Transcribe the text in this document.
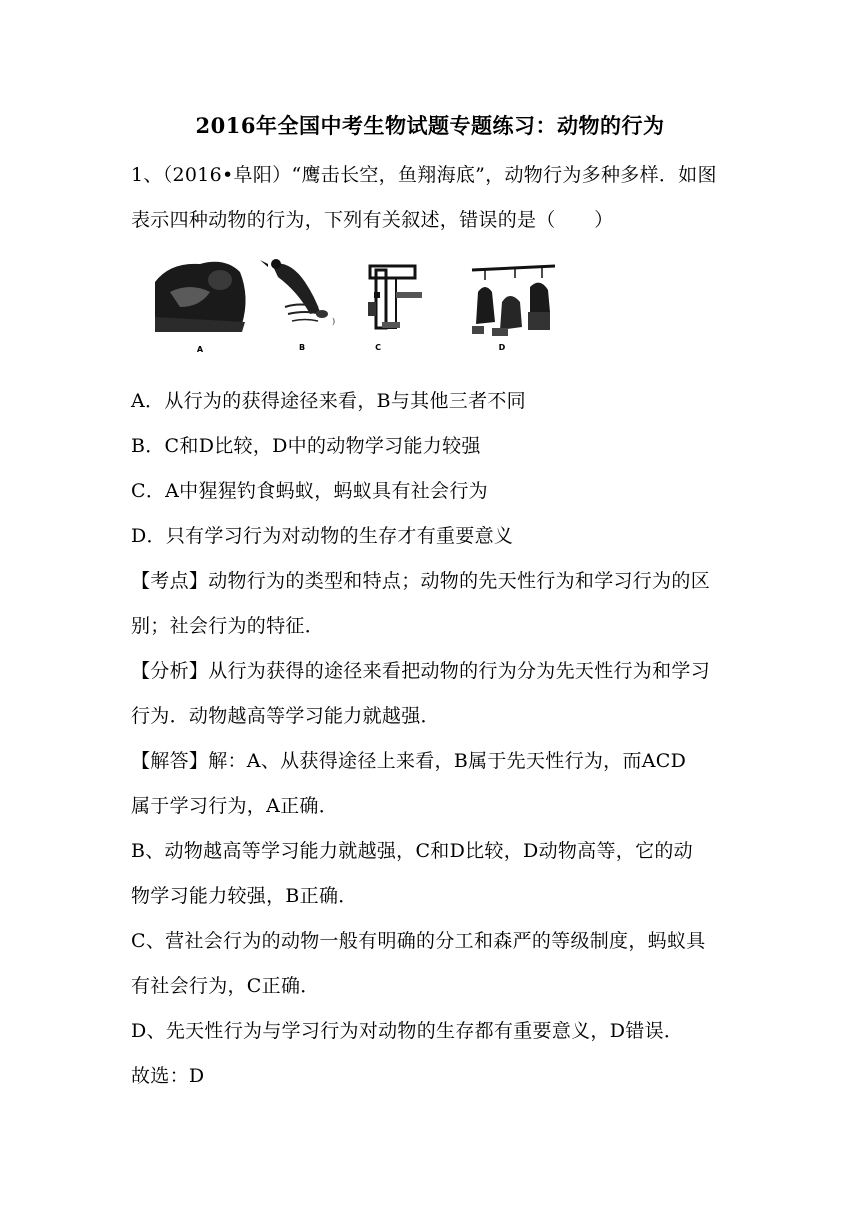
2016年全国中考生物试题专题练习：动物的行为
1、（2016•阜阳）“鹰击长空，鱼翔海底”，动物行为多种多样．如图
表示四种动物的行为，下列有关叙述，错误的是（　　）
A
)
B	C	D
A．从行为的获得途径来看，B与其他三者不同
B．C和D比较，D中的动物学习能力较强
C．A中猩猩钓食蚂蚁，蚂蚁具有社会行为
D．只有学习行为对动物的生存才有重要意义
【考点】动物行为的类型和特点；动物的先天性行为和学习行为的区
别；社会行为的特征．
【分析】从行为获得的途径来看把动物的行为分为先天性行为和学习
行为．动物越高等学习能力就越强．
【解答】解：A、从获得途径上来看，B属于先天性行为，而ACD
属于学习行为，A正确．
B、动物越高等学习能力就越强，C和D比较，D动物高等，它的动
物学习能力较强，B正确．
C、营社会行为的动物一般有明确的分工和森严的等级制度，蚂蚁具
有社会行为，C正确．
D、先天性行为与学习行为对动物的生存都有重要意义，D错误．
故选：D
